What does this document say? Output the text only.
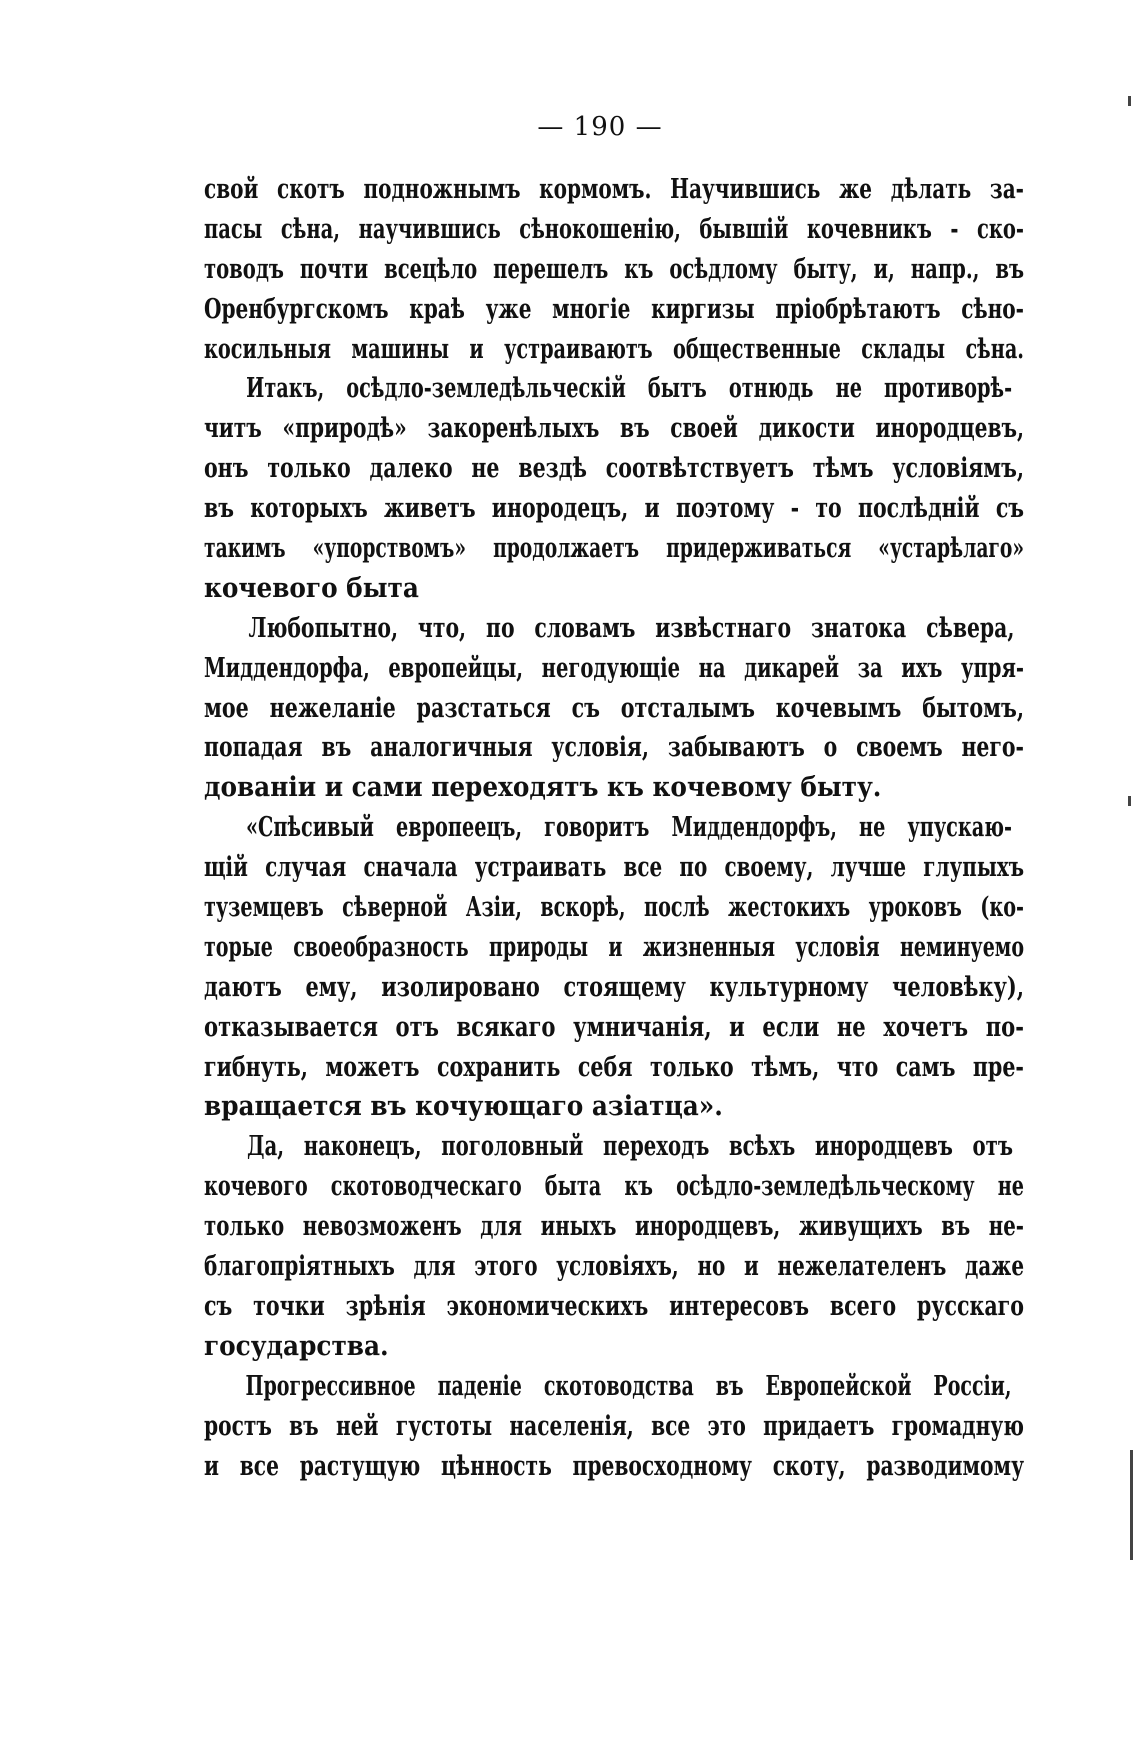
— 190 —
свой скотъ подножнымъ кормомъ. Научившись же дѣлать за-
пасы сѣна, научившись сѣнокошенію, бывшій кочевникъ - ско-
товодъ почти всецѣло перешелъ къ осѣдлому быту, и, напр., въ
Оренбургскомъ краѣ уже многіе киргизы пріобрѣтаютъ сѣно-
косильныя машины и устраиваютъ общественные склады сѣна.
Итакъ, осѣдло-земледѣльческій бытъ отнюдь не противорѣ-
читъ «природѣ» закоренѣлыхъ въ своей дикости инородцевъ,
онъ только далеко не вездѣ соотвѣтствуетъ тѣмъ условіямъ,
въ которыхъ живетъ инородецъ, и поэтому - то послѣдній съ
такимъ «упорствомъ» продолжаетъ придерживаться «устарѣлаго»
кочевого быта
Любопытно, что, по словамъ извѣстнаго знатока сѣвера,
Миддендорфа, европейцы, негодующіе на дикарей за ихъ упря-
мое нежеланіе разстаться съ отсталымъ кочевымъ бытомъ,
попадая въ аналогичныя условія, забываютъ о своемъ него-
дованіи и сами переходятъ къ кочевому быту.
«Спѣсивый европеецъ, говоритъ Миддендорфъ, не упускаю-
щій случая сначала устраивать все по своему, лучше глупыхъ
туземцевъ сѣверной Азіи, вскорѣ, послѣ жестокихъ уроковъ (ко-
торые своеобразность природы и жизненныя условія неминуемо
даютъ ему, изолировано стоящему культурному человѣку),
отказывается отъ всякаго умничанія, и если не хочетъ по-
гибнуть, можетъ сохранить себя только тѣмъ, что самъ пре-
вращается въ кочующаго азіатца».
Да, наконецъ, поголовный переходъ всѣхъ инородцевъ отъ
кочевого скотоводческаго быта къ осѣдло-земледѣльческому не
только невозможенъ для иныхъ инородцевъ, живущихъ въ не-
благопріятныхъ для этого условіяхъ, но и нежелателенъ даже
съ точки зрѣнія экономическихъ интересовъ всего русскаго
государства.
Прогрессивное паденіе скотоводства въ Европейской Россіи,
ростъ въ ней густоты населенія, все это придаетъ громадную
и все растущую цѣнность превосходному скоту, разводимому
